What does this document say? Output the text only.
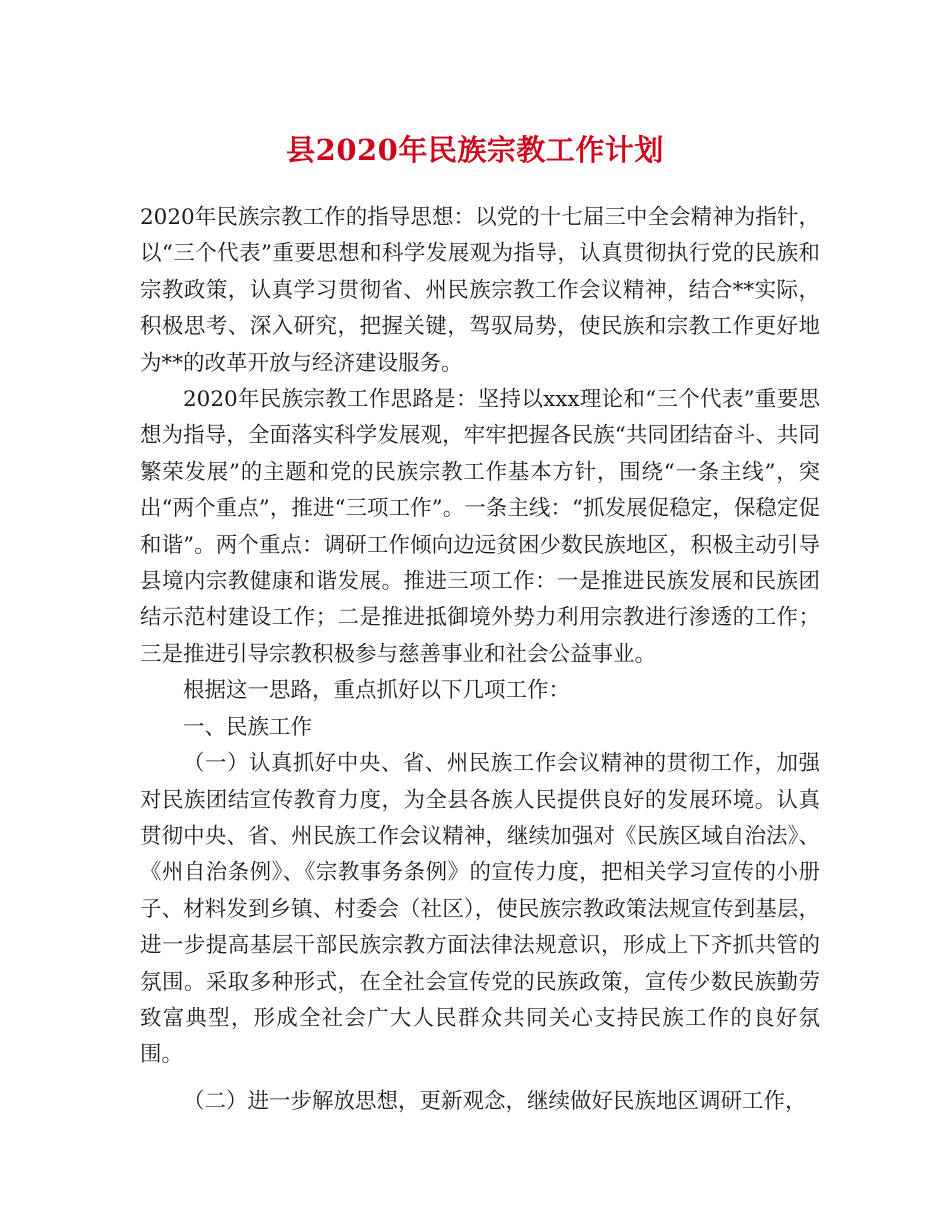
县2020年民族宗教工作计划

2020年民族宗教工作的指导思想：以党的十七届三中全会精神为指针，以“三个代表”重要思想和科学发展观为指导，认真贯彻执行党的民族和宗教政策，认真学习贯彻省、州民族宗教工作会议精神，结合**实际，积极思考、深入研究，把握关键，驾驭局势，使民族和宗教工作更好地为**的改革开放与经济建设服务。

2020年民族宗教工作思路是：坚持以xxx理论和“三个代表”重要思想为指导，全面落实科学发展观，牢牢把握各民族“共同团结奋斗、共同繁荣发展”的主题和党的民族宗教工作基本方针，围绕“一条主线”，突出“两个重点”，推进“三项工作”。一条主线：“抓发展促稳定，保稳定促和谐”。两个重点：调研工作倾向边远贫困少数民族地区，积极主动引导县境内宗教健康和谐发展。推进三项工作：一是推进民族发展和民族团结示范村建设工作；二是推进抵御境外势力利用宗教进行渗透的工作；三是推进引导宗教积极参与慈善事业和社会公益事业。

根据这一思路，重点抓好以下几项工作：

一、民族工作

（一）认真抓好中央、省、州民族工作会议精神的贯彻工作，加强对民族团结宣传教育力度，为全县各族人民提供良好的发展环境。认真贯彻中央、省、州民族工作会议精神，继续加强对《民族区域自治法》、《州自治条例》、《宗教事务条例》的宣传力度，把相关学习宣传的小册子、材料发到乡镇、村委会（社区），使民族宗教政策法规宣传到基层，进一步提高基层干部民族宗教方面法律法规意识，形成上下齐抓共管的氛围。采取多种形式，在全社会宣传党的民族政策，宣传少数民族勤劳致富典型，形成全社会广大人民群众共同关心支持民族工作的良好氛围。

（二）进一步解放思想，更新观念，继续做好民族地区调研工作，
